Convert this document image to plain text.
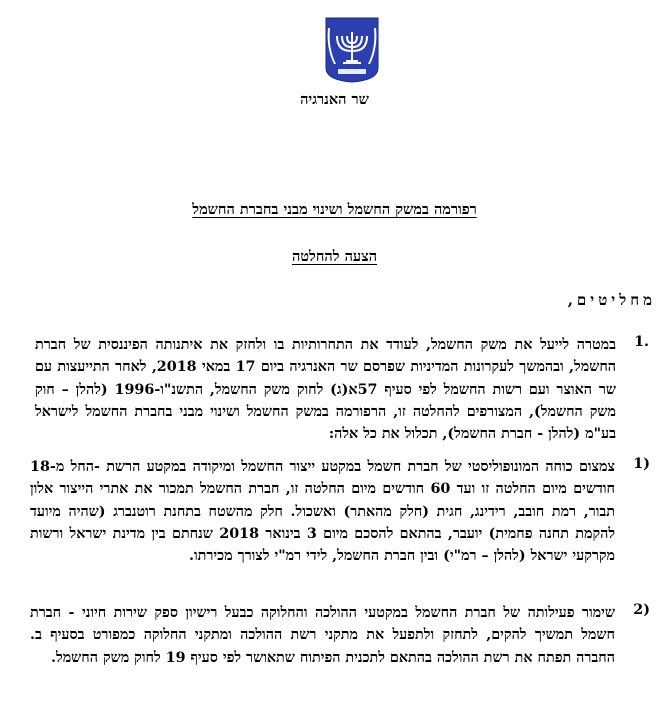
שר האנרגיה
רפורמה במשק החשמל ושינוי מבני בחברת החשמל
הצעה להחלטה
מחליטים,
1.
במטרה לייעל את משק החשמל, לעודד את התחרותיות בו ולחזק את איתנותה הפיננסית של חברת החשמל, ובהמשך לעקרונות המדיניות שפרסם שר האנרגיה ביום 17 במאי 2018, לאחר התייעצות עם שר האוצר ועם רשות החשמל לפי סעיף 57א(ג) לחוק משק החשמל, התשנ"ו-1996 (להלן – חוק משק החשמל), המצורפים להחלטה זו, הרפורמה במשק החשמל ושינוי מבני בחברת החשמל לישראל בע"מ (להלן - חברת החשמל), תכלול את כל אלה:
1)
צמצום כוחה המונופוליסטי של חברת חשמל במקטע ייצור החשמל ומיקודה במקטע הרשת -החל מ-18 חודשים מיום החלטה זו ועד 60 חודשים מיום החלטה זו, חברת החשמל תמכור את אתרי הייצור אלון תבור, רמת חובב, רידינג, חגית (חלק מהאתר) ואשכול. חלק מהשטח בתחנת רוטנברג (שהיה מיועד להקמת תחנה פחמית) יועבר, בהתאם להסכם מיום 3 בינואר 2018 שנחתם בין מדינת ישראל ורשות מקרקעי ישראל (להלן – רמ"י) ובין חברת החשמל, לידי רמ"י לצורך מכירתו.
2)
שימור פעילותה של חברת החשמל במקטעי ההולכה והחלוקה כבעל רישיון ספק שירות חיוני - חברת חשמל תמשיך להקים, לתחזק ולתפעל את מתקני רשת ההולכה ומתקני החלוקה כמפורט בסעיף ב. החברה תפתח את רשת ההולכה בהתאם לתכנית הפיתוח שתאושר לפי סעיף 19 לחוק משק החשמל.
